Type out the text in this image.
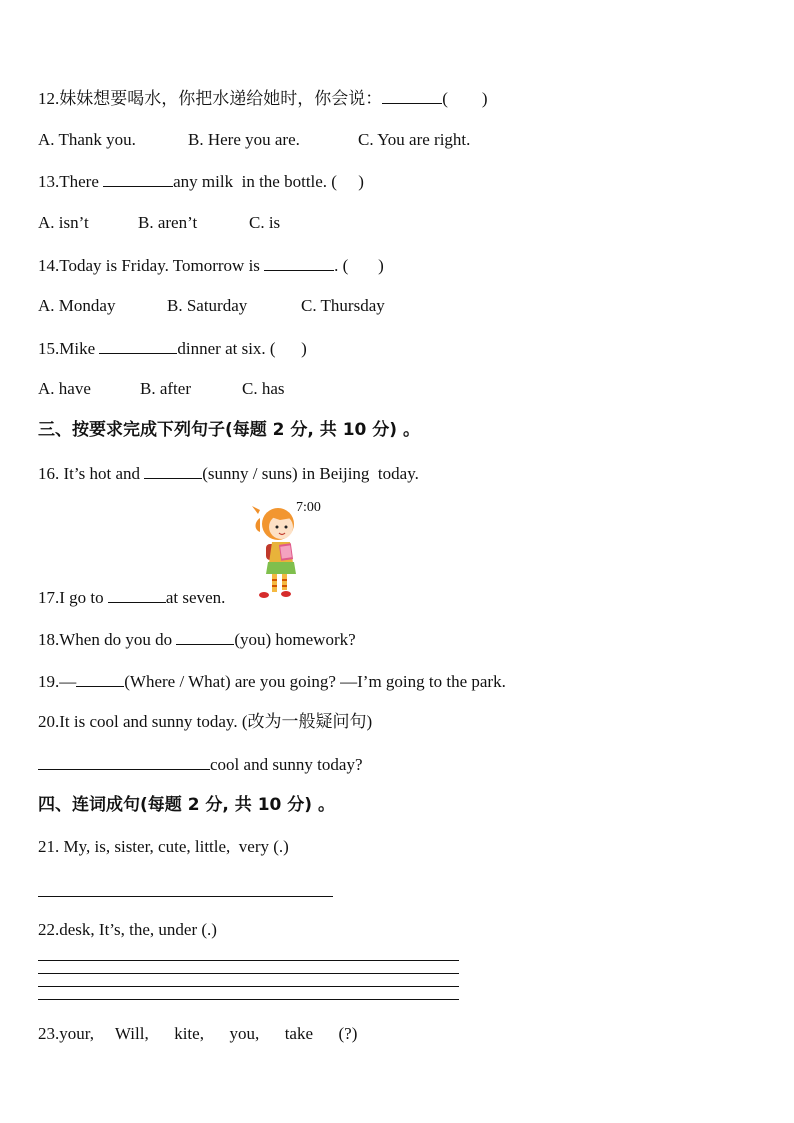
12.妹妹想要喝水，你把水递给她时，你会说：	(        )
A. Thank you.	B. Here you are.	C. You are right.
13.There	any milk  in the bottle. (     )
A. isn’t	B. aren’t	C. is
14.Today is Friday. Tomorrow is	. (       )
A. Monday	B. Saturday	C. Thursday
15.Mike	dinner at six. (      )
A. have	B. after	C. has
三、按要求完成下列句子(每题 2 分, 共 10 分) 。
16. It’s hot and	(sunny / suns) in Beijing  today.
7:00
17.I go to	at seven.
18.When do you do	(you) homework?
19.—	(Where / What) are you going? —I’m going to the park.
20.It is cool and sunny today. (改为一般疑问句)
cool and sunny today?
四、连词成句(每题 2 分, 共 10 分) 。
21. My, is, sister, cute, little,  very (.)
22.desk, It’s, the, under (.)
23.your,     Will,      kite,      you,      take      (?)
